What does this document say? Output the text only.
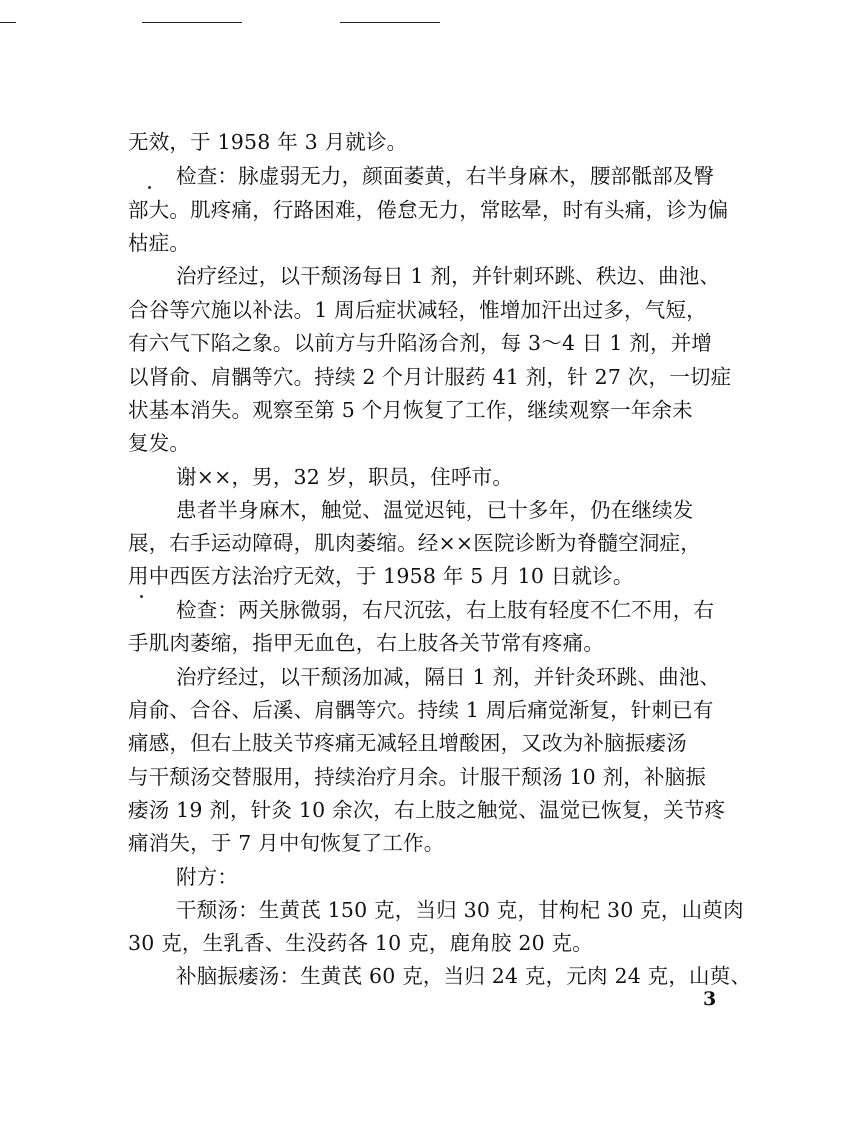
无效，于 1958 年 3 月就诊。
检查：脉虚弱无力，颜面萎黄，右半身麻木，腰部骶部及臀
部大。肌疼痛，行路困难，倦怠无力，常眩晕，时有头痛，诊为偏
枯症。
治疗经过，以干颓汤每日 1 剂，并针刺环跳、秩边、曲池、
合谷等穴施以补法。1 周后症状减轻，惟增加汗出过多，气短，
有六气下陷之象。以前方与升陷汤合剂，每 3～4 日 1 剂，并增
以肾俞、肩髃等穴。持续 2 个月计服药 41 剂，针 27 次，一切症
状基本消失。观察至第 5 个月恢复了工作，继续观察一年余未
复发。
谢××，男，32 岁，职员，住呼市。
患者半身麻木，触觉、温觉迟钝，已十多年，仍在继续发
展，右手运动障碍，肌肉萎缩。经××医院诊断为脊髓空洞症，
用中西医方法治疗无效，于 1958 年 5 月 10 日就诊。
检查：两关脉微弱，右尺沉弦，右上肢有轻度不仁不用，右
手肌肉萎缩，指甲无血色，右上肢各关节常有疼痛。
治疗经过，以干颓汤加减，隔日 1 剂，并针灸环跳、曲池、
肩俞、合谷、后溪、肩髃等穴。持续 1 周后痛觉渐复，针刺已有
痛感，但右上肢关节疼痛无减轻且增酸困，又改为补脑振痿汤
与干颓汤交替服用，持续治疗月余。计服干颓汤 10 剂，补脑振
痿汤 19 剂，针灸 10 余次，右上肢之触觉、温觉已恢复，关节疼
痛消失，于 7 月中旬恢复了工作。
附方：
干颓汤：生黄芪 150 克，当归 30 克，甘枸杞 30 克，山萸肉
30 克，生乳香、生没药各 10 克，鹿角胶 20 克。
补脑振痿汤：生黄芪 60 克，当归 24 克，元肉 24 克，山萸、
3
